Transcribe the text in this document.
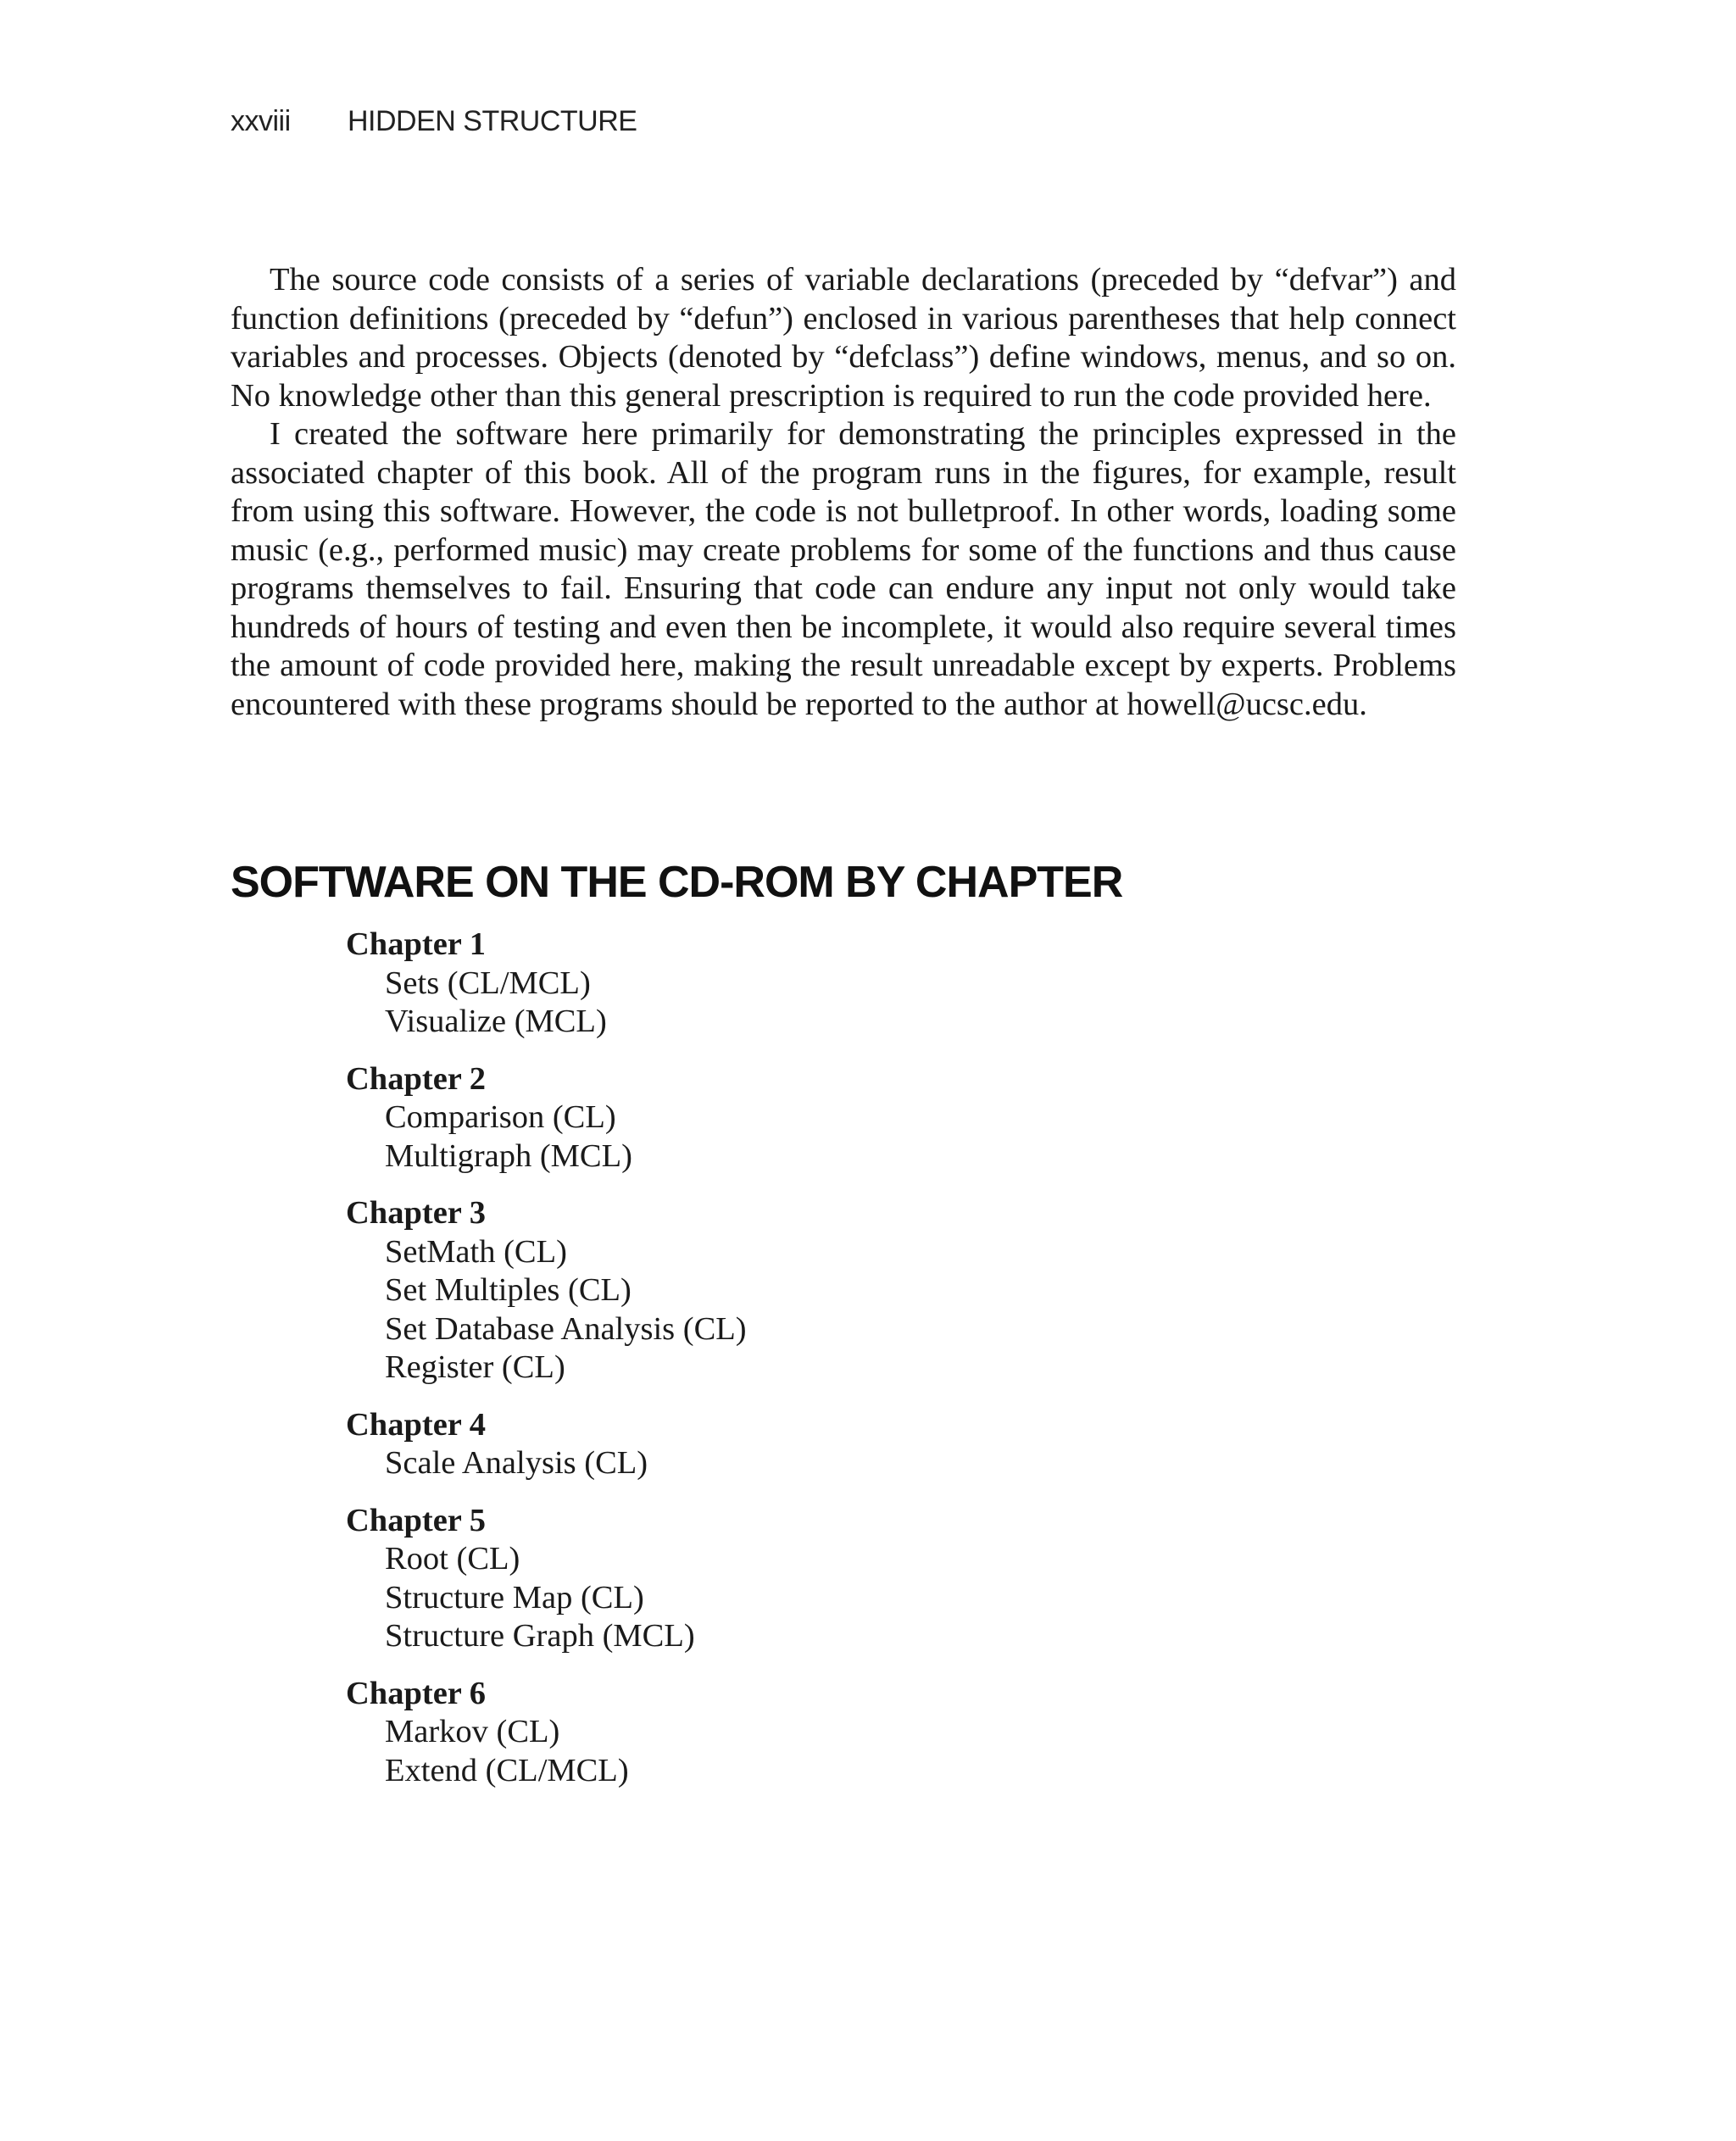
xxviii HIDDEN STRUCTURE

The source code consists of a series of variable declarations (preceded by “defvar”) and function definitions (preceded by “defun”) enclosed in various parentheses that help connect variables and processes. Objects (denoted by “defclass”) define windows, menus, and so on. No knowledge other than this general prescription is required to run the code provided here.

I created the software here primarily for demonstrating the principles expressed in the associated chapter of this book. All of the program runs in the figures, for example, result from using this software. However, the code is not bulletproof. In other words, loading some music (e.g., performed music) may create problems for some of the functions and thus cause programs themselves to fail. Ensuring that code can endure any input not only would take hundreds of hours of testing and even then be incomplete, it would also require several times the amount of code provided here, making the result unreadable except by experts. Problems encountered with these programs should be reported to the author at howell@ucsc.edu.

SOFTWARE ON THE CD-ROM BY CHAPTER
Chapter 1
Sets (CL/MCL)
Visualize (MCL)
Chapter 2
Comparison (CL)
Multigraph (MCL)
Chapter 3
SetMath (CL)
Set Multiples (CL)
Set Database Analysis (CL)
Register (CL)
Chapter 4
Scale Analysis (CL)
Chapter 5
Root (CL)
Structure Map (CL)
Structure Graph (MCL)
Chapter 6
Markov (CL)
Extend (CL/MCL)
